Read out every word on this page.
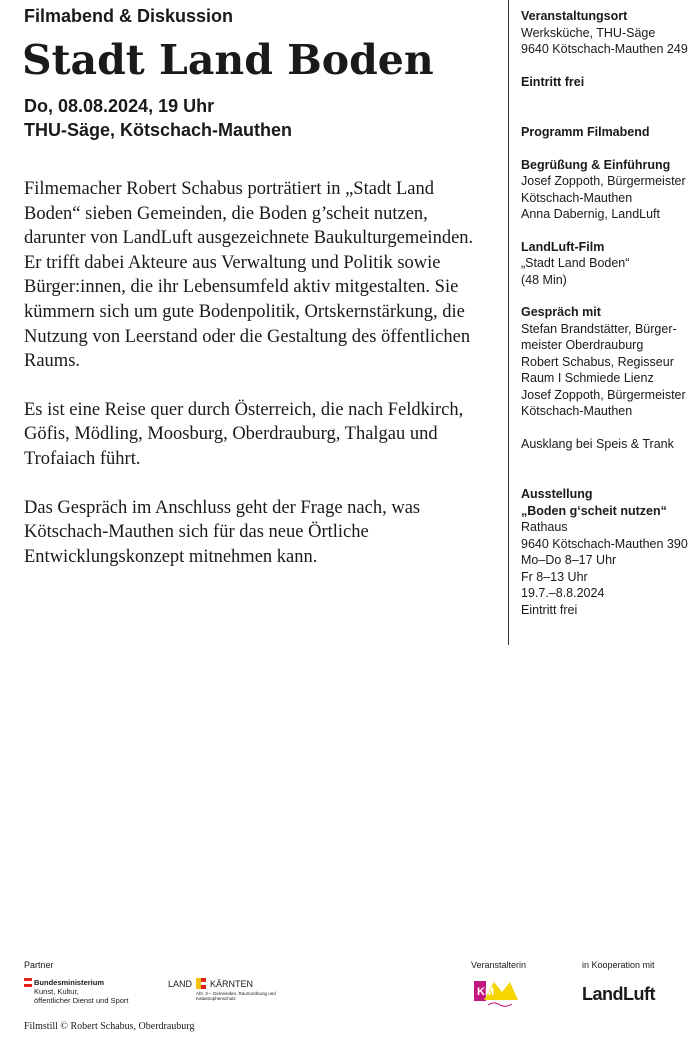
Filmabend & Diskussion
Stadt Land Boden
Do, 08.08.2024, 19 Uhr
THU-Säge, Kötschach-Mauthen

Filmemacher Robert Schabus porträtiert in „Stadt Land Boden“ sieben Gemeinden, die Boden g’scheit nutzen, darunter von LandLuft ausgezeichnete Baukulturgemeinden. Er trifft dabei Akteure aus Verwaltung und Politik sowie Bürger:innen, die ihr Lebensumfeld aktiv mitgestalten. Sie kümmern sich um gute Bodenpolitik, Ortskernstärkung, die Nutzung von Leerstand oder die Gestaltung des öffentlichen Raums.

Es ist eine Reise quer durch Österreich, die nach Feldkirch, Göfis, Mödling, Moosburg, Oberdrauburg, Thalgau und Trofaiach führt.

Das Gespräch im Anschluss geht der Frage nach, was Kötschach-Mauthen sich für das neue Örtliche Entwicklungskonzept mitnehmen kann.

Veranstaltungsort
Werksküche, THU-Säge
9640 Kötschach-Mauthen 249
Eintritt frei
Programm Filmabend
Begrüßung & Einführung
Josef Zoppoth, Bürgermeister
Kötschach-Mauthen
Anna Dabernig, LandLuft
LandLuft-Film
„Stadt Land Boden“
(48 Min)
Gespräch mit
Stefan Brandstätter, Bürger-
meister Oberdrauburg
Robert Schabus, Regisseur
Raum I Schmiede Lienz
Josef Zoppoth, Bürgermeister
Kötschach-Mauthen
Ausklang bei Speis & Trank
Ausstellung
„Boden g‘scheit nutzen“
Rathaus
9640 Kötschach-Mauthen 390
Mo–Do 8–17 Uhr
Fr 8–13 Uhr
19.7.–8.8.2024
Eintritt frei
Partner
Bundesministerium
Kunst, Kultur,
öffentlicher Dienst und Sport
LAND KÄRNTEN
Abt. 3 – Gemeinden, Raumordnung und Katastrophenschutz
Veranstalterin
KM
in Kooperation mit
LandLuft
Filmstill © Robert Schabus, Oberdrauburg
